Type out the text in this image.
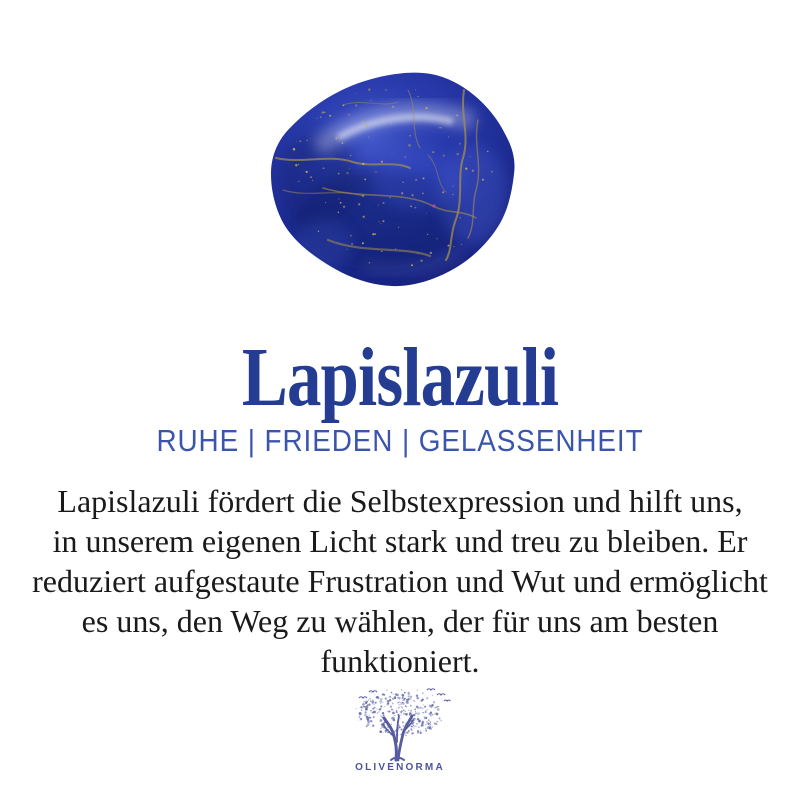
Lapislazuli
RUHE | FRIEDEN | GELASSENHEIT
Lapislazuli fördert die Selbstexpression und hilft uns,
in unserem eigenen Licht stark und treu zu bleiben. Er
reduziert aufgestaute Frustration und Wut und ermöglicht
es uns, den Weg zu wählen, der für uns am besten
funktioniert.
OLIVENORMA
